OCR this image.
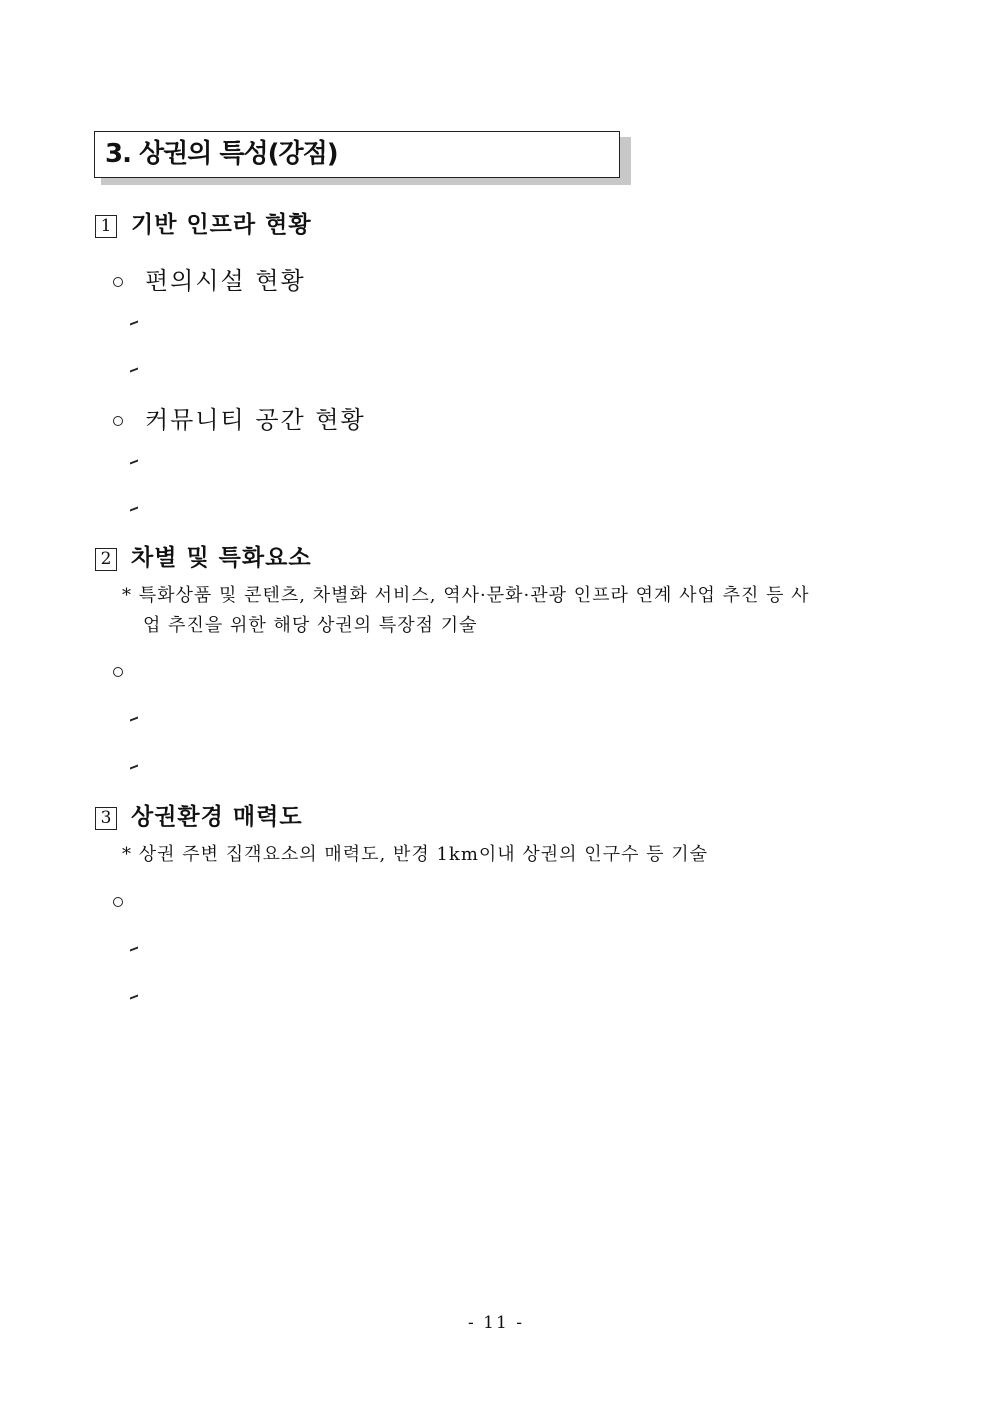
3. 상권의 특성(강점)
1 기반 인프라 현황
편의시설 현황
커뮤니티 공간 현황
2 차별 및 특화요소
* 특화상품 및 콘텐츠, 차별화 서비스, 역사·문화·관광 인프라 연계 사업 추진 등 사
업 추진을 위한 해당 상권의 특장점 기술
3 상권환경 매력도
* 상권 주변 집객요소의 매력도, 반경 1km이내 상권의 인구수 등 기술
- 11 -
